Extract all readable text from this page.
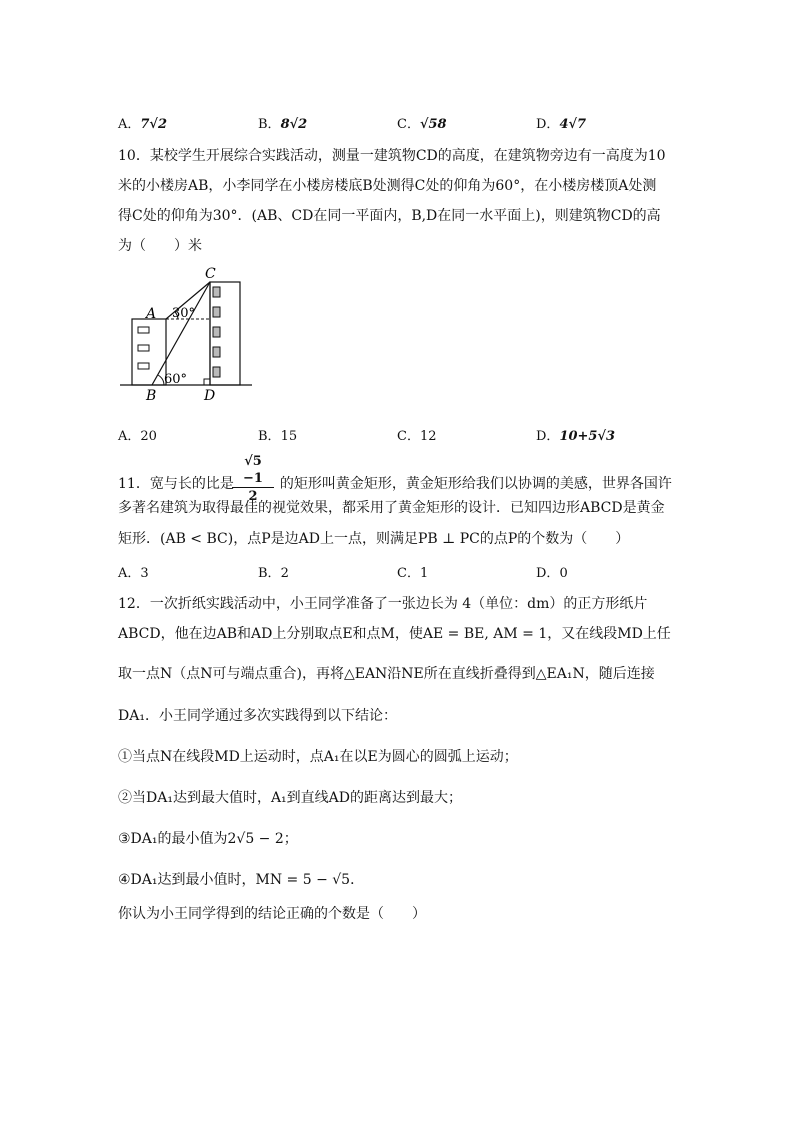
A．7√2	B．8√2	C．√58	D．4√7
10．某校学生开展综合实践活动，测量一建筑物CD的高度，在建筑物旁边有一高度为10
米的小楼房AB，小李同学在小楼房楼底B处测得C处的仰角为60°，在小楼房楼顶A处测
得C处的仰角为30°．(AB、CD在同一平面内，B,D在同一水平面上)，则建筑物CD的高
为（　　）米
C
A
B	D
30°
60°
A．20	B．15	C．12	D．10+5√3
$\frac{√5 -1}{2}$
11．宽与长的比是	的矩形叫黄金矩形，黄金矩形给我们以协调的美感，世界各国许
多著名建筑为取得最佳的视觉效果，都采用了黄金矩形的设计．已知四边形ABCD是黄金
矩形．(AB < BC)，点P是边AD上一点，则满足PB ⊥ PC的点P的个数为（　　）
A．3	B．2	C．1	D．0
12．一次折纸实践活动中，小王同学准备了一张边长为 4（单位：dm）的正方形纸片
ABCD，他在边AB和AD上分别取点E和点M，使AE = BE, AM = 1，又在线段MD上任
取一点N（点N可与端点重合)，再将△EAN沿NE所在直线折叠得到△EA₁N，随后连接
DA₁．小王同学通过多次实践得到以下结论：
①当点N在线段MD上运动时，点A₁在以E为圆心的圆弧上运动；
②当DA₁达到最大值时，A₁到直线AD的距离达到最大；
③DA₁的最小值为2√5 − 2；
④DA₁达到最小值时，MN = 5 − √5．
你认为小王同学得到的结论正确的个数是（　　）
